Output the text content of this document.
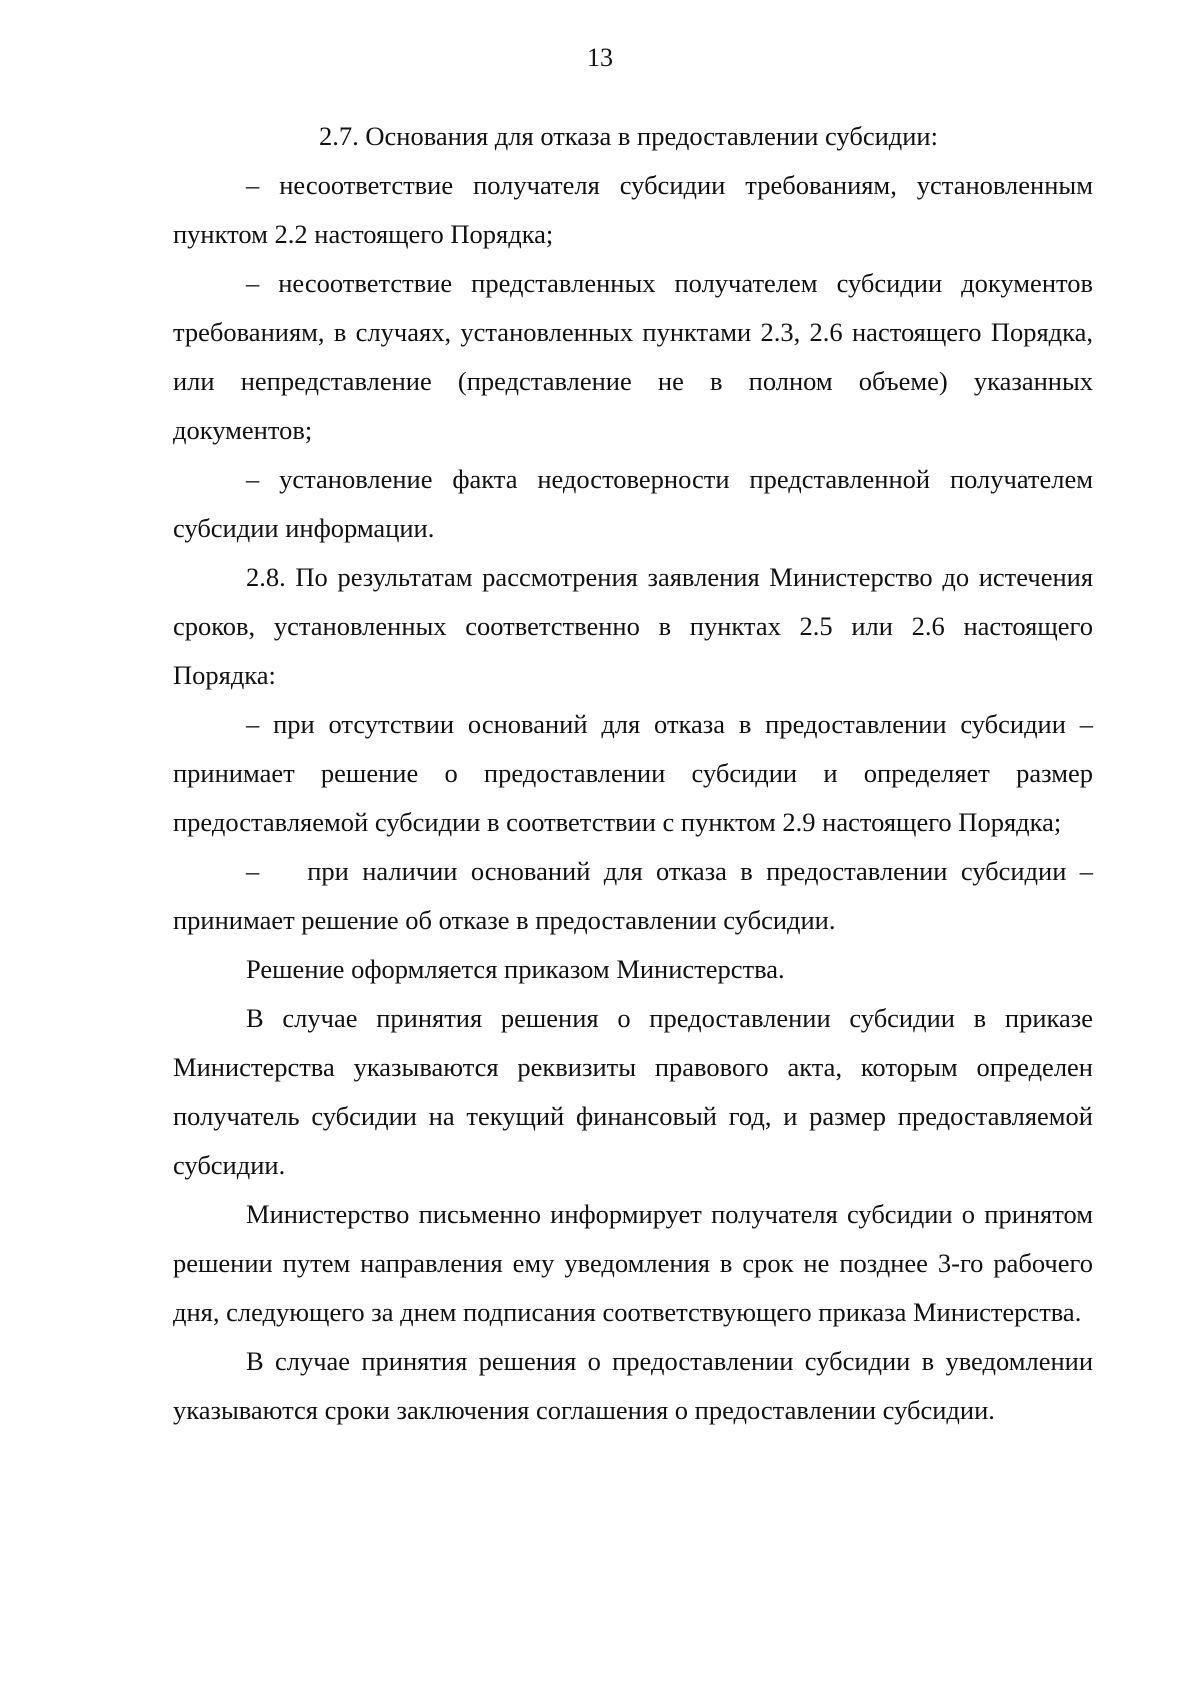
13

2.7. Основания для отказа в предоставлении субсидии:

– несоответствие получателя субсидии требованиям, установленным пунктом 2.2 настоящего Порядка;

– несоответствие представленных получателем субсидии документов требованиям, в случаях, установленных пунктами 2.3, 2.6 настоящего Порядка, или непредставление (представление не в полном объеме) указанных документов;

– установление факта недостоверности представленной получателем субсидии информации.

2.8. По результатам рассмотрения заявления Министерство до истечения сроков, установленных соответственно в пунктах 2.5 или 2.6 настоящего Порядка:

– при отсутствии оснований для отказа в предоставлении субсидии – принимает решение о предоставлении субсидии и определяет размер предоставляемой субсидии в соответствии с пунктом 2.9 настоящего Порядка;

– при наличии оснований для отказа в предоставлении субсидии – принимает решение об отказе в предоставлении субсидии.

Решение оформляется приказом Министерства.

В случае принятия решения о предоставлении субсидии в приказе Министерства указываются реквизиты правового акта, которым определен получатель субсидии на текущий финансовый год, и размер предоставляемой субсидии.

Министерство письменно информирует получателя субсидии о принятом решении путем направления ему уведомления в срок не позднее 3-го рабочего дня, следующего за днем подписания соответствующего приказа Министерства.

В случае принятия решения о предоставлении субсидии в уведомлении указываются сроки заключения соглашения о предоставлении субсидии.
